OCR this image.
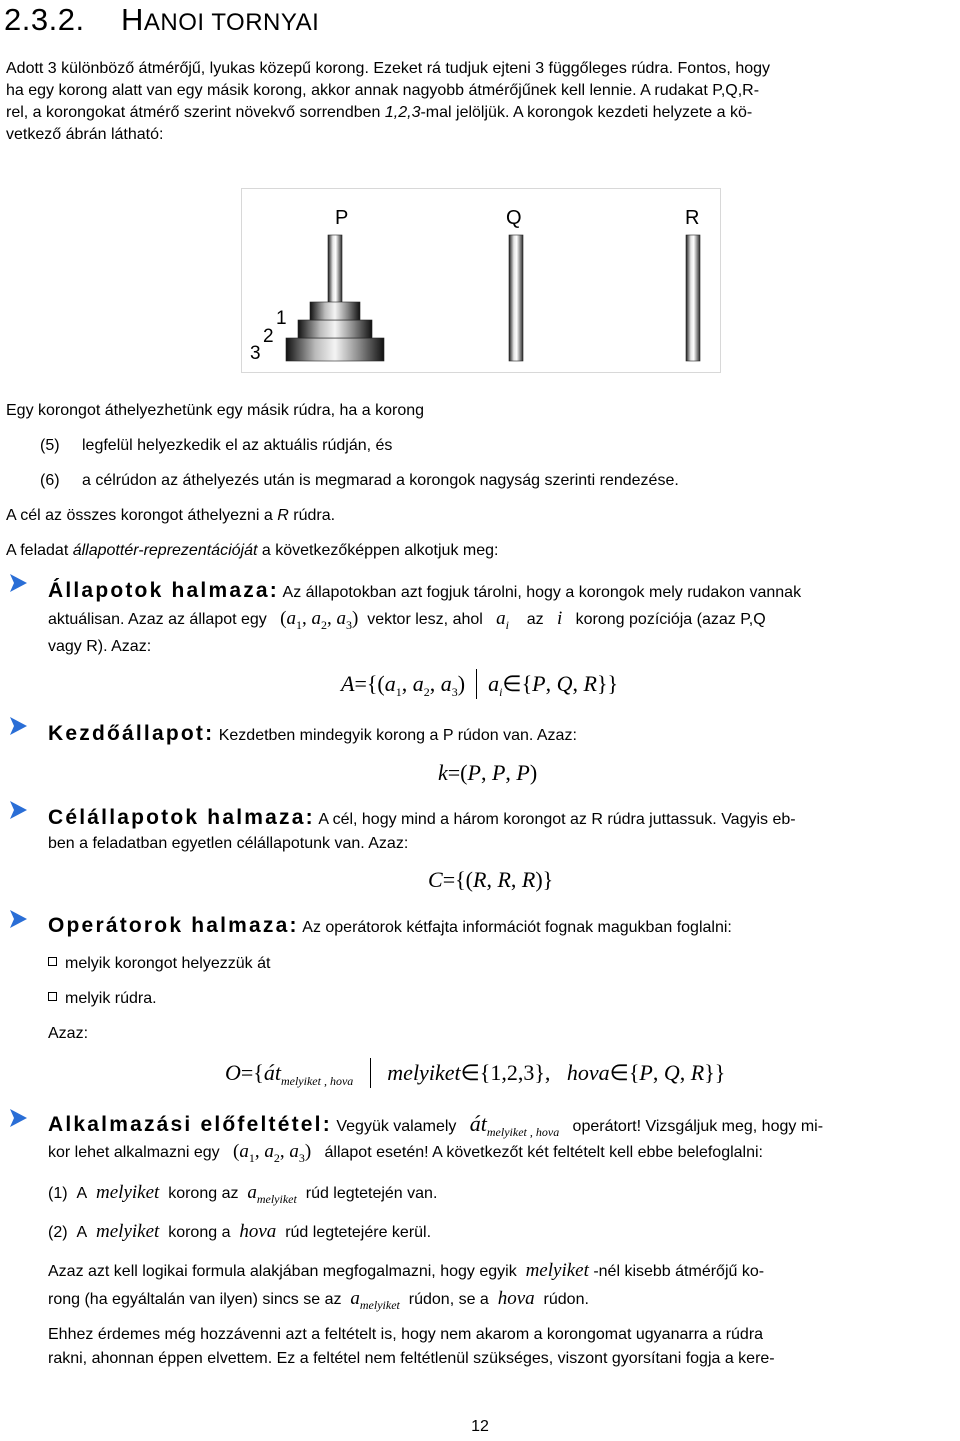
2.3.2. HANOI TORNYAI
Adott 3 különböző átmérőjű, lyukas közepű korong. Ezeket rá tudjuk ejteni 3 függőleges rúdra. Fontos, hogy
ha egy korong alatt van egy másik korong, akkor annak nagyobb átmérőjűnek kell lennie. A rudakat P,Q,R-
rel, a korongokat átmérő szerint növekvő sorrendben 1,2,3-mal jelöljük. A korongok kezdeti helyzete a kö-
vetkező ábrán látható:
P	Q	R
1
2
3
Egy korongot áthelyezhetünk egy másik rúdra, ha a korong
(5) legfelül helyezkedik el az aktuális rúdján, és
(6) a célrúdon az áthelyezés után is megmarad a korongok nagyság szerinti rendezése.
A cél az összes korongot áthelyezni a R rúdra.
A feladat állapottér-reprezentációját a következőképpen alkotjuk meg:
Állapotok halmaza: Az állapotokban azt fogjuk tárolni, hogy a korongok mely rudakon vannak
aktuálisan. Azaz az állapot egy ($a_1$, $a_2$, $a_3$) vektor lesz, ahol $a_i$ az i korong pozíciója (azaz P,Q
vagy R). Azaz:
$A=\{(a_1$, $a_2$, $a_3$)    $a_i\in\{P$, Q, R}}
Kezdőállapot: Kezdetben mindegyik korong a P rúdon van. Azaz:
k=(P, P, P)
Célállapotok halmaza: A cél, hogy mind a három korongot az R rúdra juttassuk. Vagyis eb-
ben a feladatban egyetlen célállapotunk van. Azaz:
C={(R, R, R)}
Operátorok halmaza: Az operátorok kétfajta információt fognak magukban foglalni:
melyik korongot helyezzük át
melyik rúdra.
Azaz:
$O=\{át_{melyiket , hova}$ melyiket∈{1,2,3},   hova∈{P, Q, R}}
Alkalmazási előfeltétel: Vegyük valamely $át_{melyiket , hova}$ operátort! Vizsgáljuk meg, hogy mi-
kor lehet alkalmazni egy ($a_1$, $a_2$, $a_3$) állapot esetén! A következőt két feltételt kell ebbe belefoglalni:
(1) A melyiket korong az $a_{melyiket}$ rúd legtetején van.
(2) A melyiket korong a hova rúd legtetejére kerül.
Azaz azt kell logikai formula alakjában megfogalmazni, hogy egyik melyiket -nél kisebb átmérőjű ko-
rong (ha egyáltalán van ilyen) sincs se az $a_{melyiket}$ rúdon, se a hova rúdon.
Ehhez érdemes még hozzávenni azt a feltételt is, hogy nem akarom a korongomat ugyanarra a rúdra
rakni, ahonnan éppen elvettem. Ez a feltétel nem feltétlenül szükséges, viszont gyorsítani fogja a kere-
12
